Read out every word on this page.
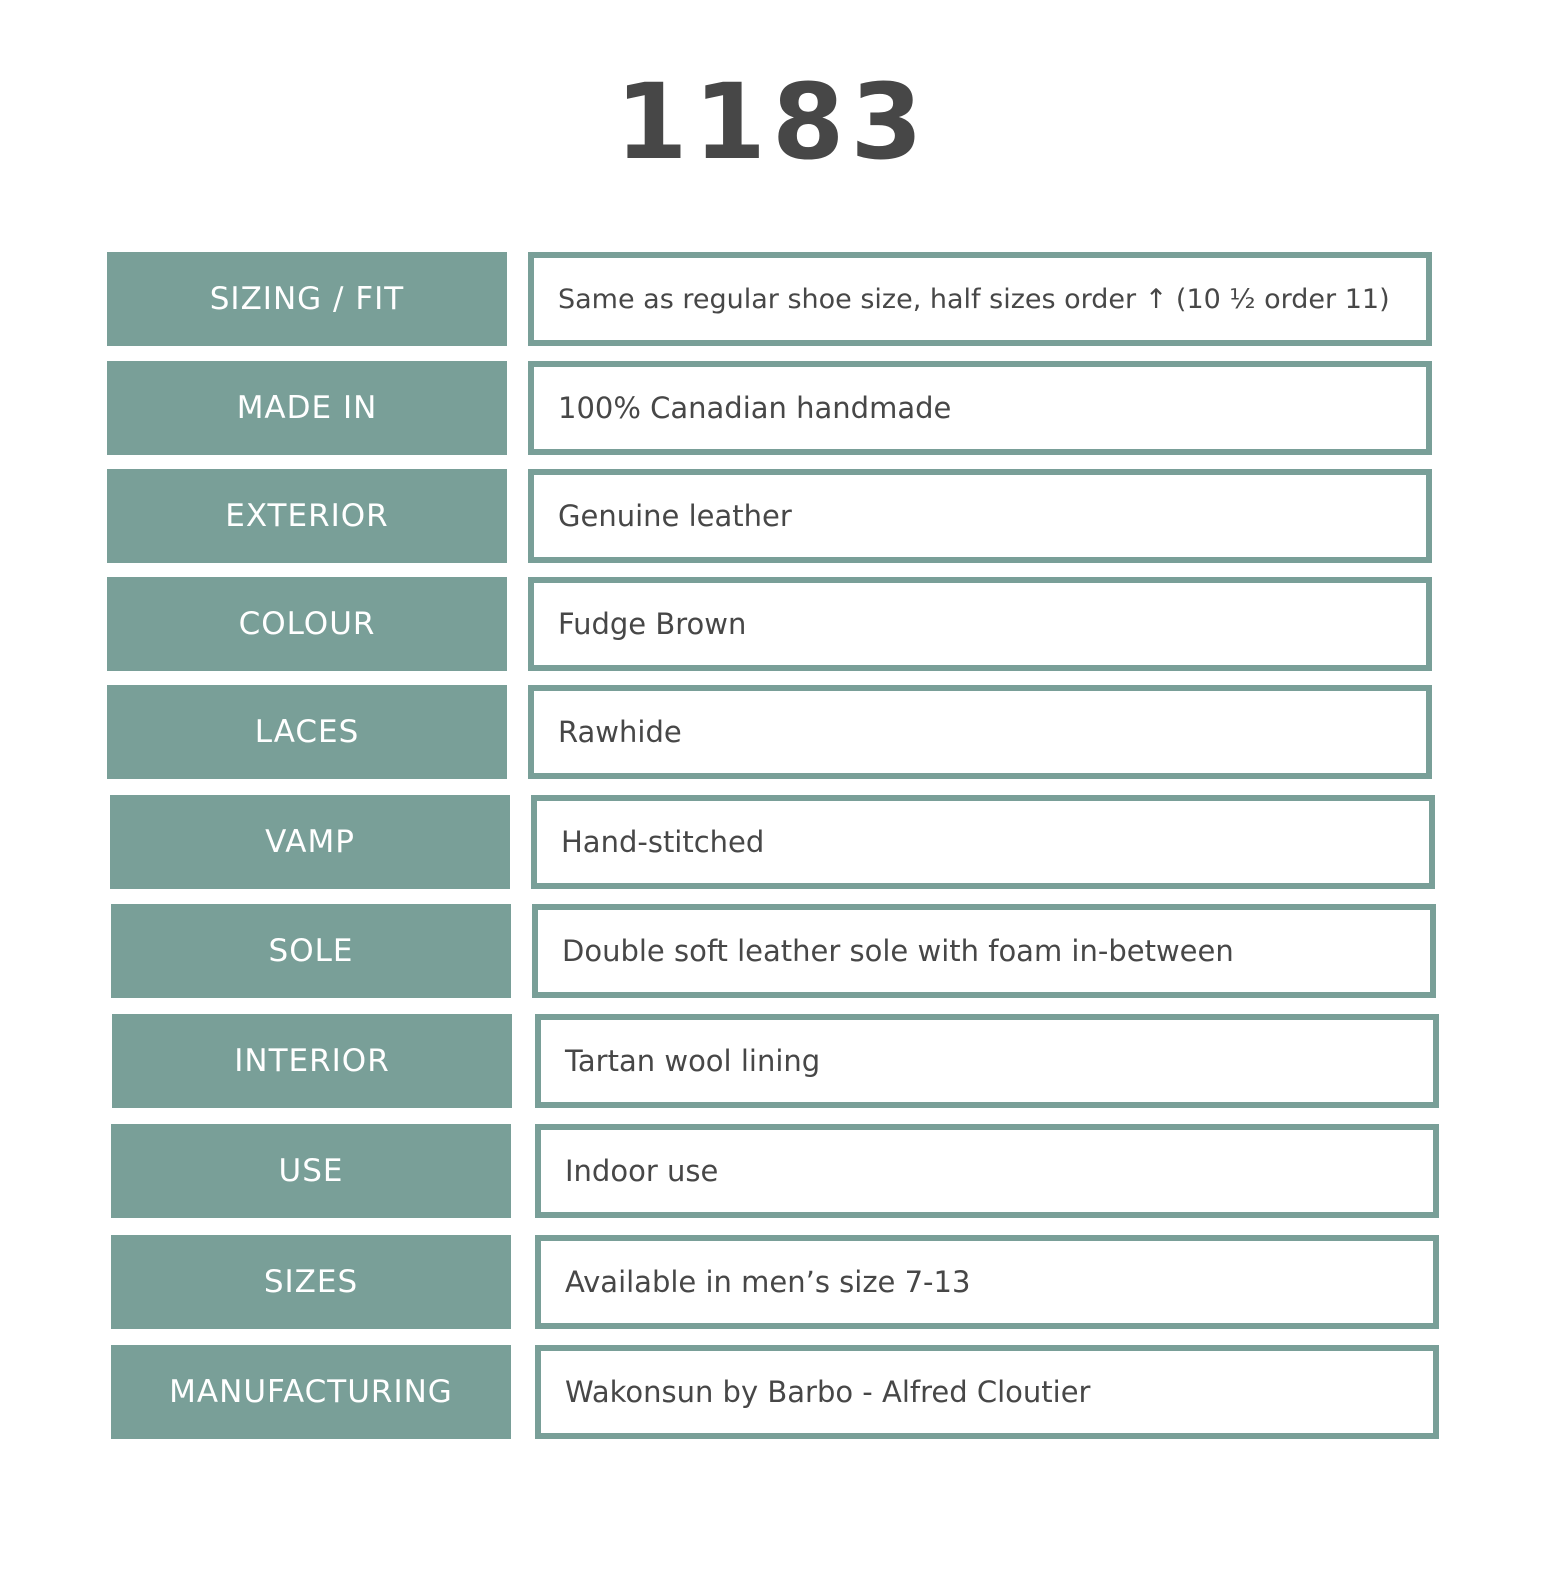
1183
SIZING / FIT	Same as regular shoe size, half sizes order ↑ (10 ½ order 11)
MADE IN	100% Canadian handmade
EXTERIOR	Genuine leather
COLOUR	Fudge Brown
LACES	Rawhide
VAMP	Hand-stitched
SOLE	Double soft leather sole with foam in-between
INTERIOR	Tartan wool lining
USE	Indoor use
SIZES	Available in men’s size 7-13
MANUFACTURING	Wakonsun by Barbo - Alfred Cloutier
